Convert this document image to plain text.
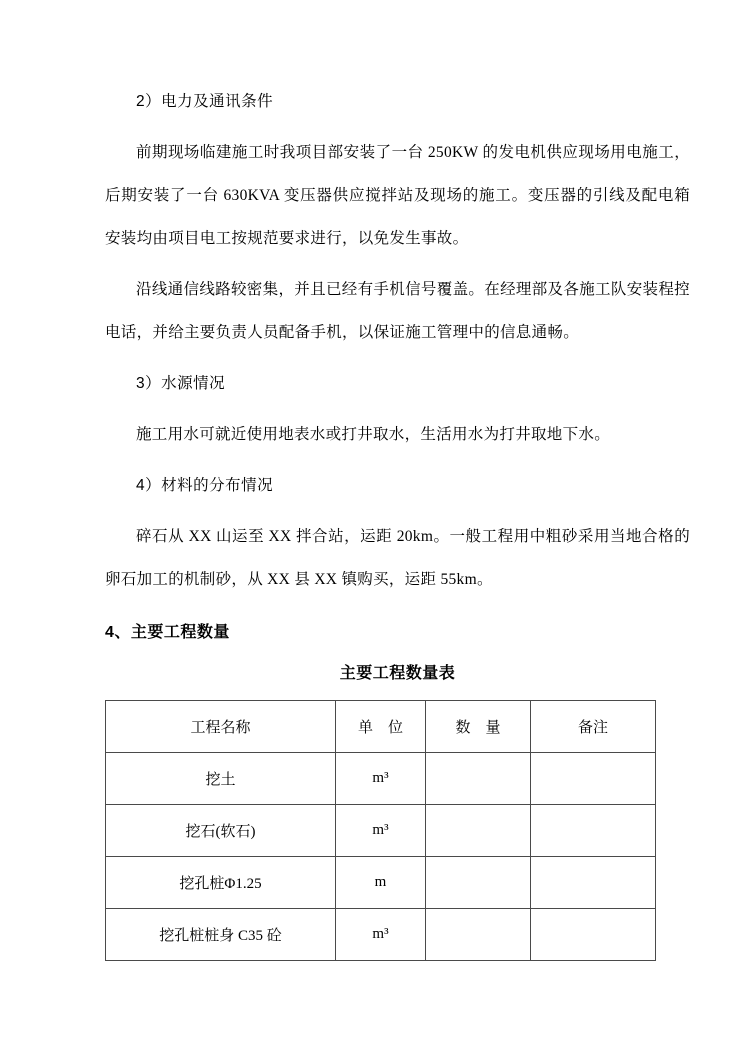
2）电力及通讯条件

前期现场临建施工时我项目部安装了一台 250KW 的发电机供应现场用电施工，后期安装了一台 630KVA 变压器供应搅拌站及现场的施工。变压器的引线及配电箱安装均由项目电工按规范要求进行，以免发生事故。

沿线通信线路较密集，并且已经有手机信号覆盖。在经理部及各施工队安装程控电话，并给主要负责人员配备手机，以保证施工管理中的信息通畅。

3）水源情况

施工用水可就近使用地表水或打井取水，生活用水为打井取地下水。

4）材料的分布情况

碎石从 XX 山运至 XX 拌合站，运距 20km。一般工程用中粗砂采用当地合格的卵石加工的机制砂，从 XX 县 XX 镇购买，运距 55km。

4、主要工程数量
主要工程数量表
工程名称	单　位	数　量	备注
挖土	m³		
挖石(软石)	m³		
挖孔桩Φ1.25	m		
挖孔桩桩身 C35 砼	m³		
